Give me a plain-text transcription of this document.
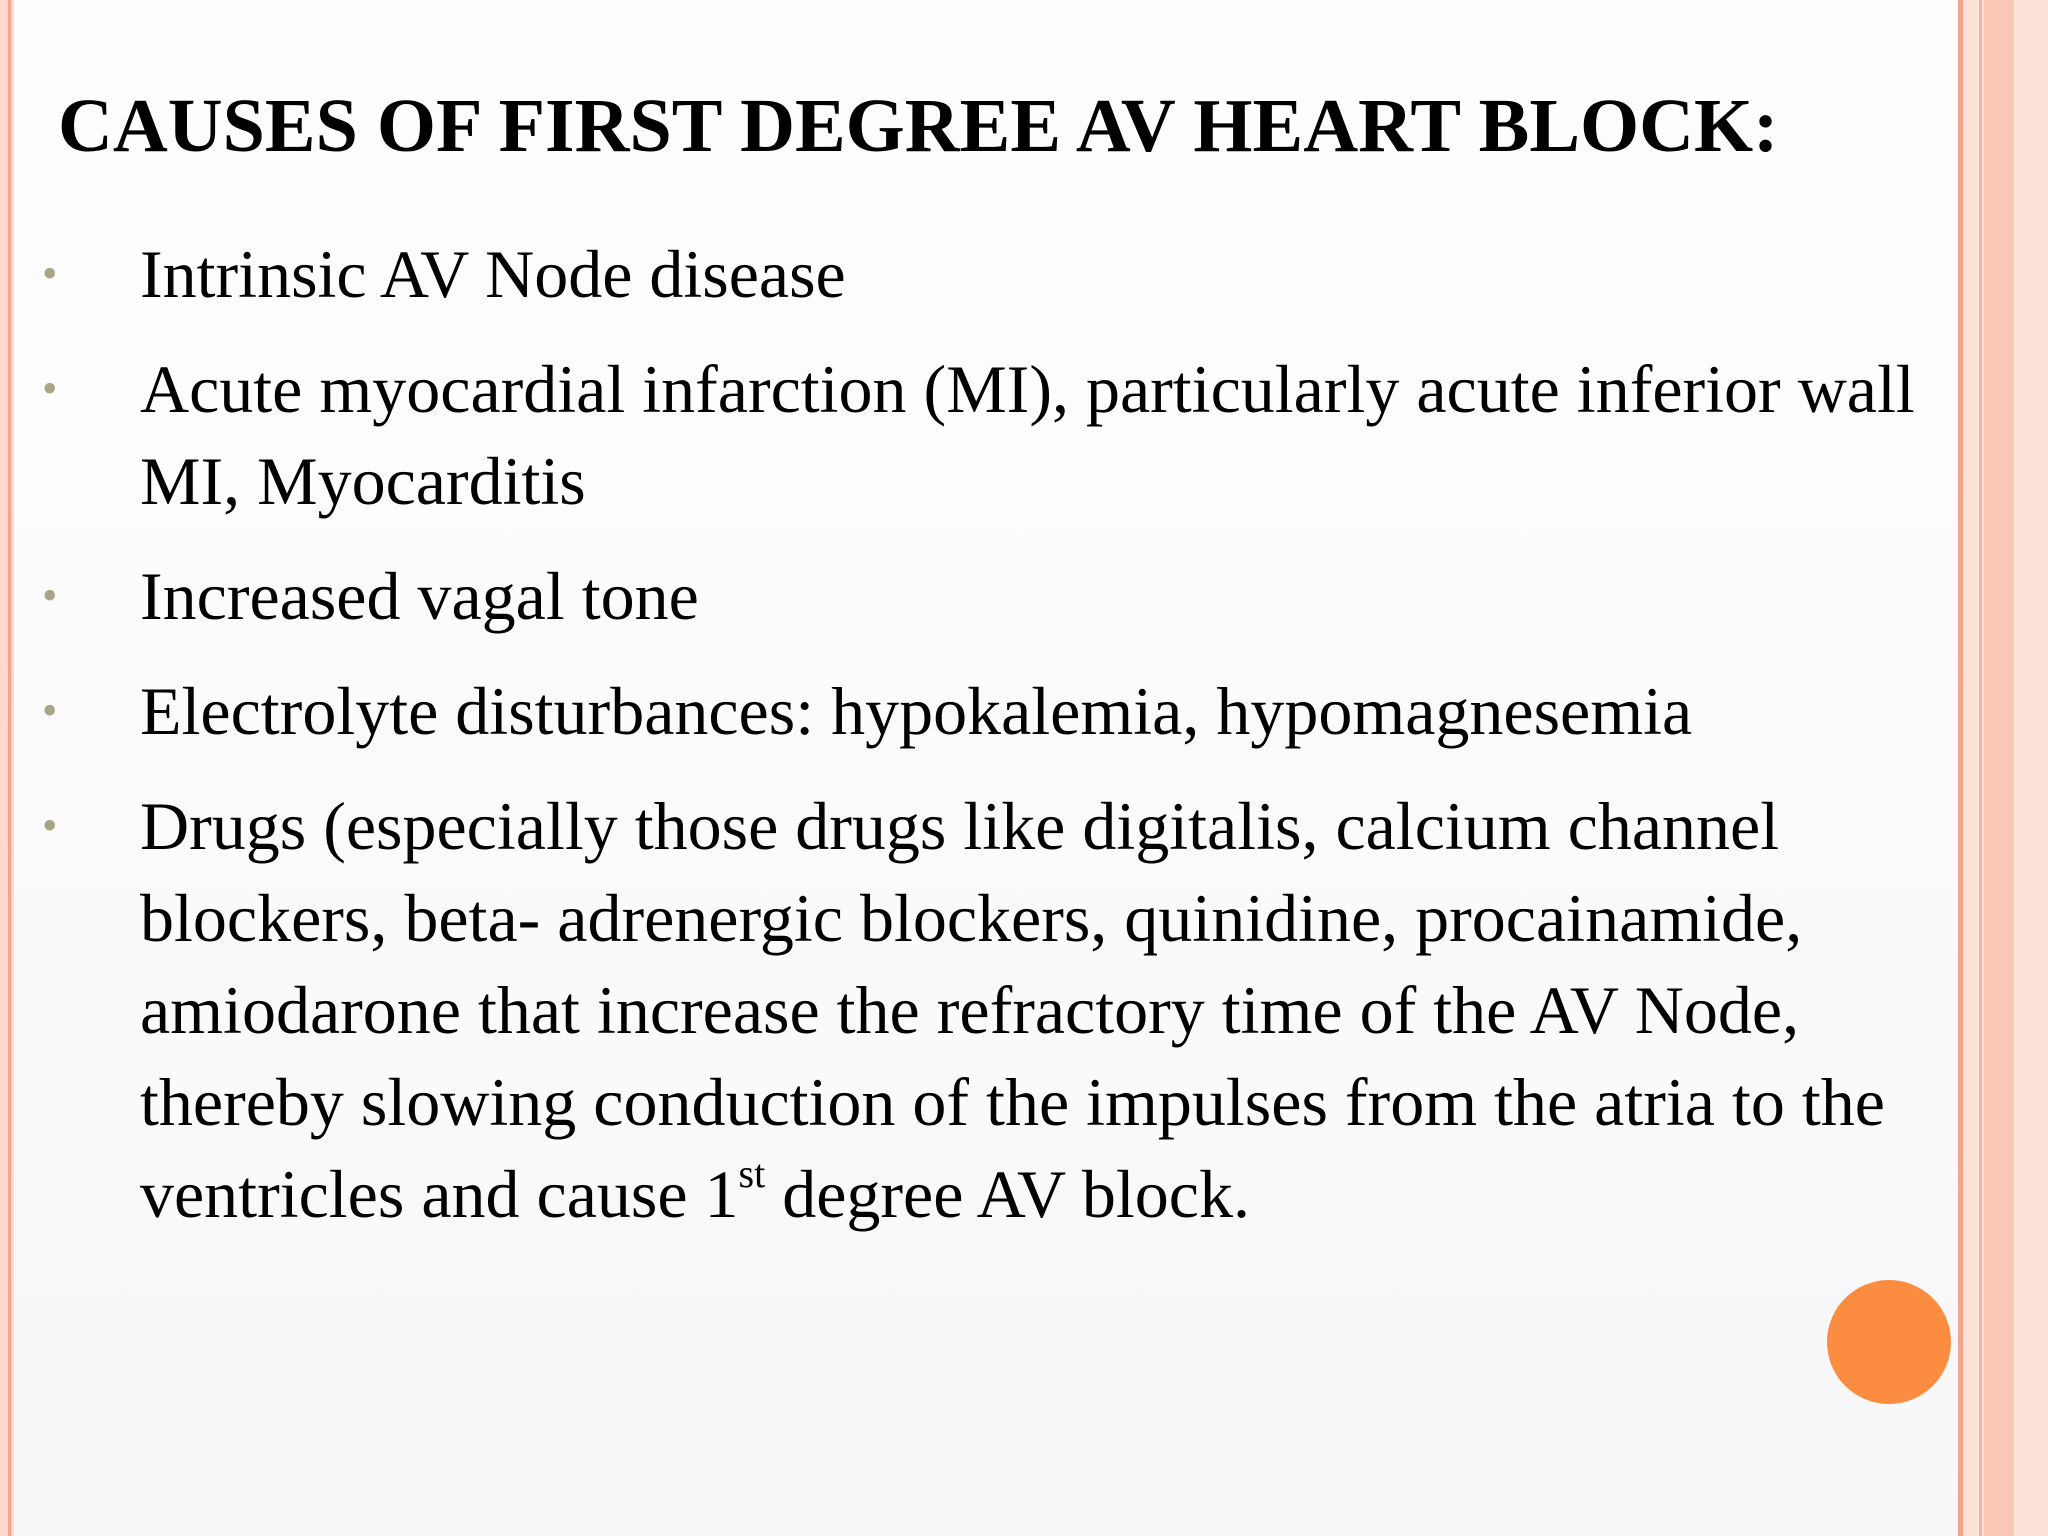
CAUSES OF FIRST DEGREE AV HEART BLOCK:
• Intrinsic AV Node disease
• Acute myocardial infarction (MI), particularly acute inferior wall MI, Myocarditis
• Increased vagal tone
• Electrolyte disturbances: hypokalemia, hypomagnesemia
• Drugs (especially those drugs like digitalis, calcium channel blockers, beta- adrenergic blockers, quinidine, procainamide, amiodarone that increase the refractory time of the AV Node, thereby slowing conduction of the impulses from the atria to the ventricles and cause 1st degree AV block.
